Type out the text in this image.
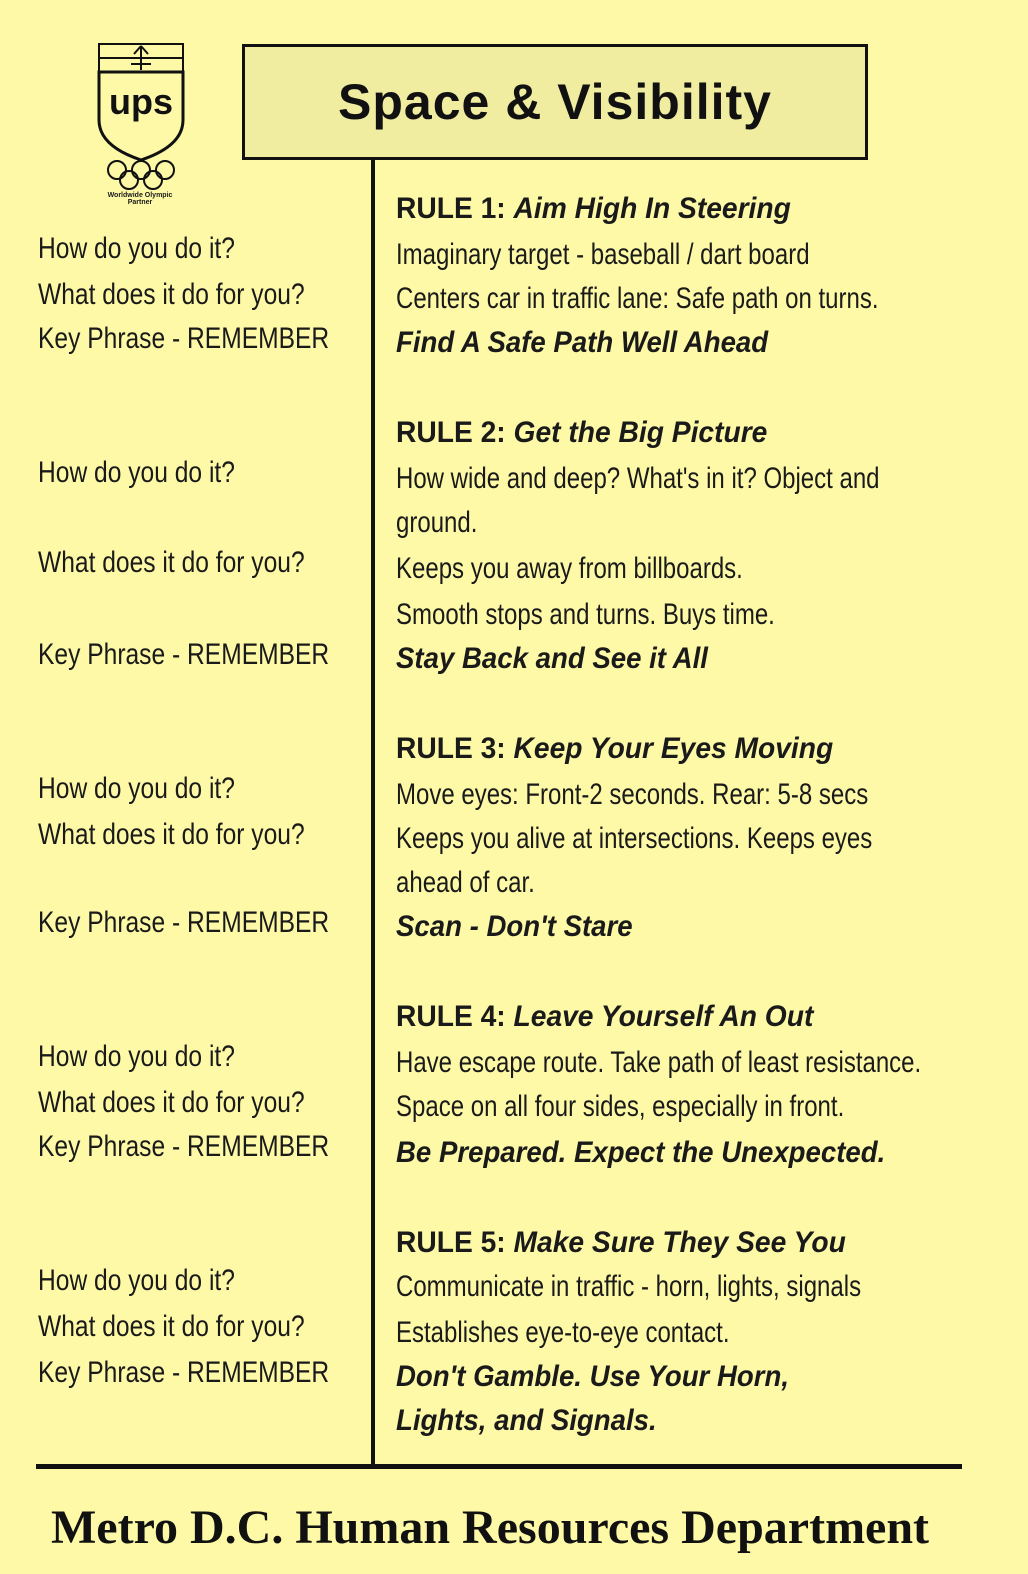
ups
Worldwide Olympic Partner
Space & Visibility
How do you do it?
What does it do for you?
Key Phrase - REMEMBER
How do you do it?
What does it do for you?
Key Phrase - REMEMBER
How do you do it?
What does it do for you?
Key Phrase - REMEMBER
How do you do it?
What does it do for you?
Key Phrase - REMEMBER
How do you do it?
What does it do for you?
Key Phrase - REMEMBER
RULE 1: Aim High In Steering
Imaginary target - baseball / dart board
Centers car in traffic lane: Safe path on turns.
Find A Safe Path Well Ahead
RULE 2: Get the Big Picture
How wide and deep? What's in it? Object and
ground.
Keeps you away from billboards.
Smooth stops and turns. Buys time.
Stay Back and See it All
RULE 3: Keep Your Eyes Moving
Move eyes: Front-2 seconds. Rear: 5-8 secs
Keeps you alive at intersections. Keeps eyes
ahead of car.
Scan - Don't Stare
RULE 4: Leave Yourself An Out
Have escape route. Take path of least resistance.
Space on all four sides, especially in front.
Be Prepared. Expect the Unexpected.
RULE 5: Make Sure They See You
Communicate in traffic - horn, lights, signals
Establishes eye-to-eye contact.
Don't Gamble. Use Your Horn,
Lights, and Signals.
Metro D.C. Human Resources Department
